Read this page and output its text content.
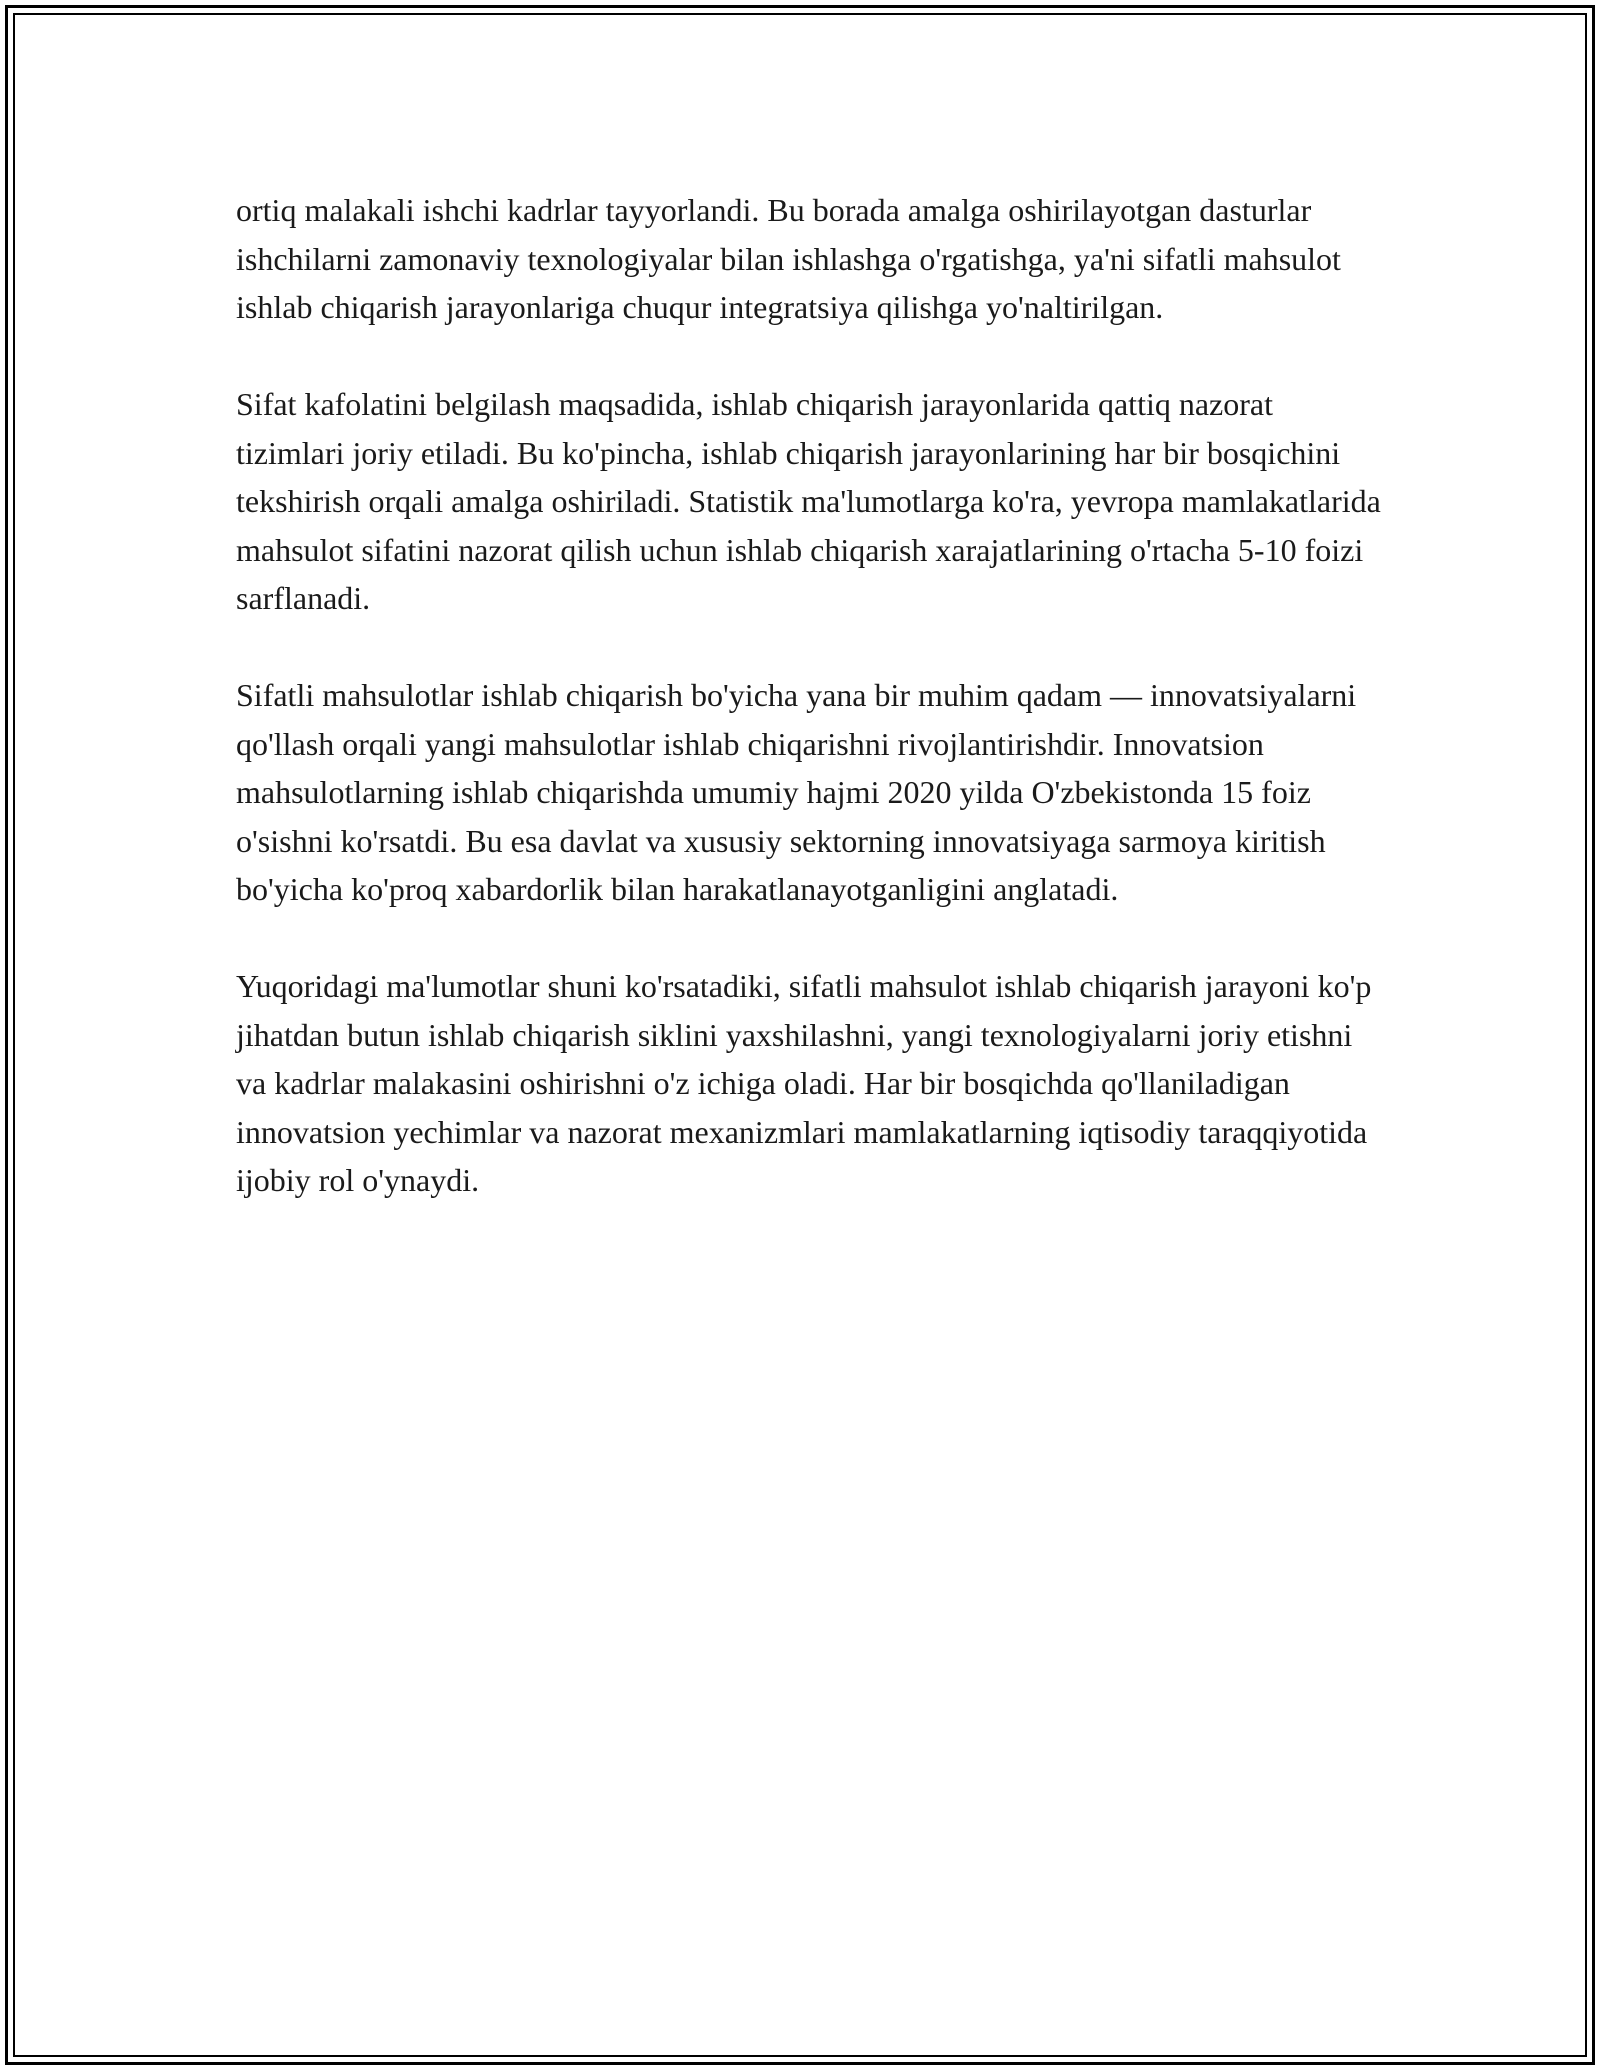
ortiq malakali ishchi kadrlar tayyorlandi. Bu borada amalga oshirilayotgan dasturlar ishchilarni zamonaviy texnologiyalar bilan ishlashga o'rgatishga, ya'ni sifatli mahsulot ishlab chiqarish jarayonlariga chuqur integratsiya qilishga yo'naltirilgan.

Sifat kafolatini belgilash maqsadida, ishlab chiqarish jarayonlarida qattiq nazorat tizimlari joriy etiladi. Bu ko'pincha, ishlab chiqarish jarayonlarining har bir bosqichini tekshirish orqali amalga oshiriladi. Statistik ma'lumotlarga ko'ra, yevropa mamlakatlarida mahsulot sifatini nazorat qilish uchun ishlab chiqarish xarajatlarining o'rtacha 5-10 foizi sarflanadi.

Sifatli mahsulotlar ishlab chiqarish bo'yicha yana bir muhim qadam — innovatsiyalarni qo'llash orqali yangi mahsulotlar ishlab chiqarishni rivojlantirishdir. Innovatsion mahsulotlarning ishlab chiqarishda umumiy hajmi 2020 yilda O'zbekistonda 15 foiz o'sishni ko'rsatdi. Bu esa davlat va xususiy sektorning innovatsiyaga sarmoya kiritish bo'yicha ko'proq xabardorlik bilan harakatlanayotganligini anglatadi.

Yuqoridagi ma'lumotlar shuni ko'rsatadiki, sifatli mahsulot ishlab chiqarish jarayoni ko'p jihatdan butun ishlab chiqarish siklini yaxshilashni, yangi texnologiyalarni joriy etishni va kadrlar malakasini oshirishni o'z ichiga oladi. Har bir bosqichda qo'llaniladigan innovatsion yechimlar va nazorat mexanizmlari mamlakatlarning iqtisodiy taraqqiyotida ijobiy rol o'ynaydi.
